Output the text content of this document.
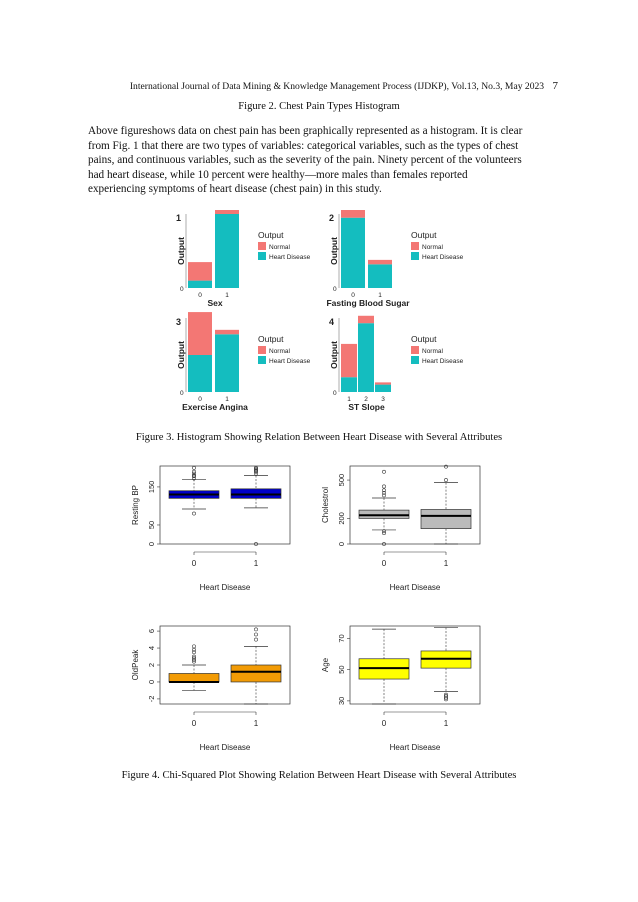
International Journal of Data Mining & Knowledge Management Process (IJDKP), Vol.13, No.3, May 2023 7
Figure 2. Chest Pain Types Histogram
Above figureshows data on chest pain has been graphically represented as a histogram. It is clear
from Fig. 1 that there are two types of variables: categorical variables, such as the types of chest
pains, and continuous variables, such as the severity of the pain. Ninety percent of the volunteers
had heart disease, while 10 percent were healthy—more males than females reported
experiencing symptoms of heart disease (chest pain) in this study.
1
Output
0
0	1
Sex
Output
Normal
Heart Disease
2
Output
0
0	1
Fasting Blood Sugar
Output
Normal
Heart Disease
3
Output
0
0	1
Exercise Angina
Output
Normal
Heart Disease
4
Output
0
1 2 3
ST Slope
Output
Normal
Heart Disease
Figure 3. Histogram Showing Relation Between Heart Disease with Several Attributes
0
50
150
Resting BP
0	1
Heart Disease
0
200
500
Cholestrol
0	1
Heart Disease
-2
0
2
4
6
OldPeak
0	1
Heart Disease
30
50
70
Age
0	1
Heart Disease
Figure 4. Chi-Squared Plot Showing Relation Between Heart Disease with Several Attributes
